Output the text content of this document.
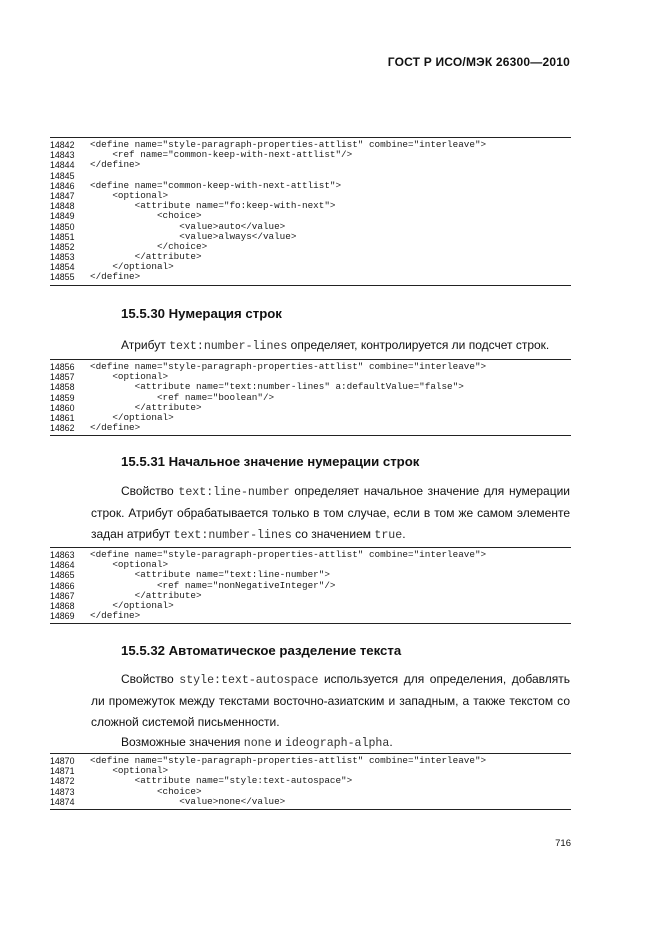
ГОСТ Р ИСО/МЭК 26300—2010
14842	<define name="style-paragraph-properties-attlist" combine="interleave">
14843	<ref name="common-keep-with-next-attlist"/>
14844	</define>
14845
14846	<define name="common-keep-with-next-attlist">
14847	<optional>
14848	<attribute name="fo:keep-with-next">
14849	<choice>
14850	<value>auto</value>
14851	<value>always</value>
14852	</choice>
14853	</attribute>
14854	</optional>
14855	</define>
15.5.30 Нумерация строк
Атрибут text:number-lines определяет, контролируется ли подсчет строк.
14856	<define name="style-paragraph-properties-attlist" combine="interleave">
14857	<optional>
14858	<attribute name="text:number-lines" a:defaultValue="false">
14859	<ref name="boolean"/>
14860	</attribute>
14861	</optional>
14862	</define>
15.5.31 Начальное значение нумерации строк
Свойство text:line-number определяет начальное значение для нумерации строк. Атрибут обрабатывается только в том случае, если в том же самом элементе задан атрибут text:number-lines со значением true.
14863	<define name="style-paragraph-properties-attlist" combine="interleave">
14864	<optional>
14865	<attribute name="text:line-number">
14866	<ref name="nonNegativeInteger"/>
14867	</attribute>
14868	</optional>
14869	</define>
15.5.32 Автоматическое разделение текста
Свойство style:text-autospace используется для определения, добавлять ли промежуток между текстами восточно-азиатским и западным, а также текстом со сложной системой письменности.
Возможные значения none и ideograph-alpha.
14870	<define name="style-paragraph-properties-attlist" combine="interleave">
14871	<optional>
14872	<attribute name="style:text-autospace">
14873	<choice>
14874	<value>none</value>
716
